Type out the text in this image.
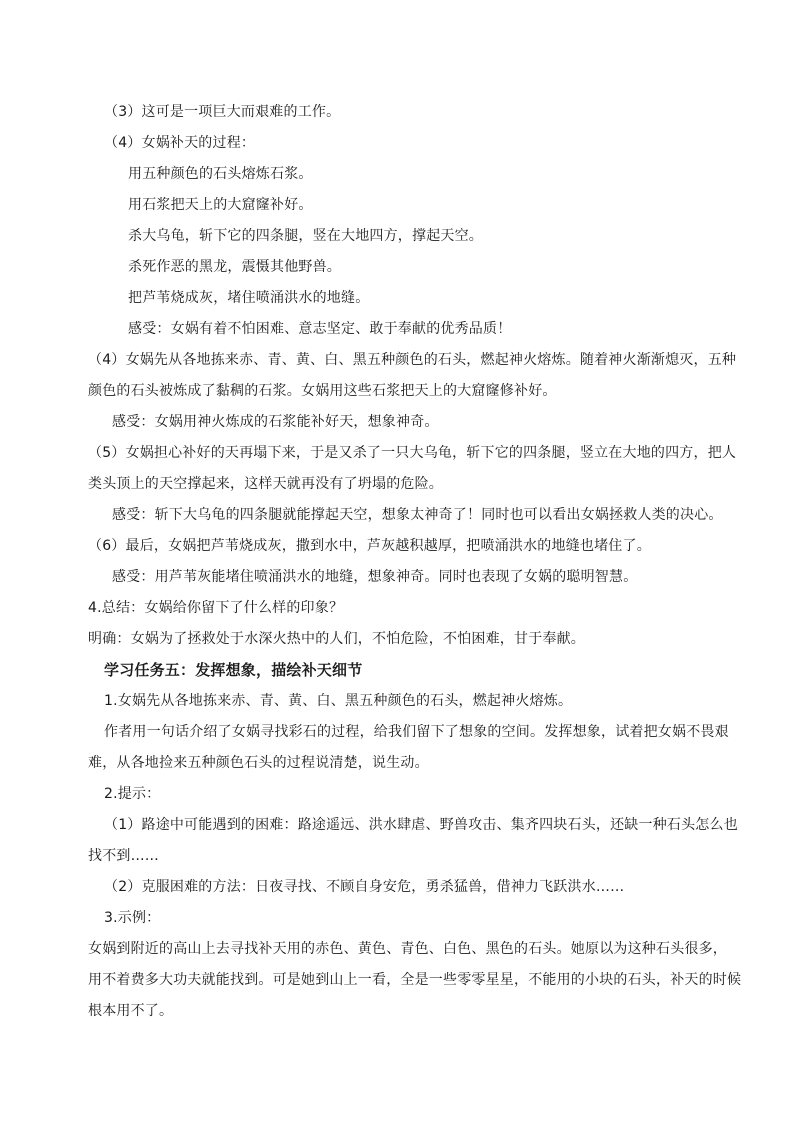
（3）这可是一项巨大而艰难的工作。

（4）女娲补天的过程：

用五种颜色的石头熔炼石浆。

用石浆把天上的大窟窿补好。

杀大乌龟，斩下它的四条腿，竖在大地四方，撑起天空。

杀死作恶的黑龙，震慑其他野兽。

把芦苇烧成灰，堵住喷涌洪水的地缝。

感受：女娲有着不怕困难、意志坚定、敢于奉献的优秀品质！

（4）女娲先从各地拣来赤、青、黄、白、黑五种颜色的石头，燃起神火熔炼。随着神火渐渐熄灭，五种

颜色的石头被炼成了黏稠的石浆。女娲用这些石浆把天上的大窟窿修补好。

感受：女娲用神火炼成的石浆能补好天，想象神奇。

（5）女娲担心补好的天再塌下来，于是又杀了一只大乌龟，斩下它的四条腿，竖立在大地的四方，把人

类头顶上的天空撑起来，这样天就再没有了坍塌的危险。

感受：斩下大乌龟的四条腿就能撑起天空，想象太神奇了！同时也可以看出女娲拯救人类的决心。

（6）最后，女娲把芦苇烧成灰，撒到水中，芦灰越积越厚，把喷涌洪水的地缝也堵住了。

感受：用芦苇灰能堵住喷涌洪水的地缝，想象神奇。同时也表现了女娲的聪明智慧。

4.总结：女娲给你留下了什么样的印象？

明确：女娲为了拯救处于水深火热中的人们，不怕危险，不怕困难，甘于奉献。

学习任务五：发挥想象，描绘补天细节

1.女娲先从各地拣来赤、青、黄、白、黑五种颜色的石头，燃起神火熔炼。

作者用一句话介绍了女娲寻找彩石的过程，给我们留下了想象的空间。发挥想象，试着把女娲不畏艰

难，从各地捡来五种颜色石头的过程说清楚，说生动。

2.提示：

（1）路途中可能遇到的困难：路途遥远、洪水肆虐、野兽攻击、集齐四块石头，还缺一种石头怎么也

找不到……

（2）克服困难的方法：日夜寻找、不顾自身安危，勇杀猛兽，借神力飞跃洪水……

3.示例：

女娲到附近的高山上去寻找补天用的赤色、黄色、青色、白色、黑色的石头。她原以为这种石头很多，

用不着费多大功夫就能找到。可是她到山上一看，全是一些零零星星，不能用的小块的石头，补天的时候

根本用不了。
